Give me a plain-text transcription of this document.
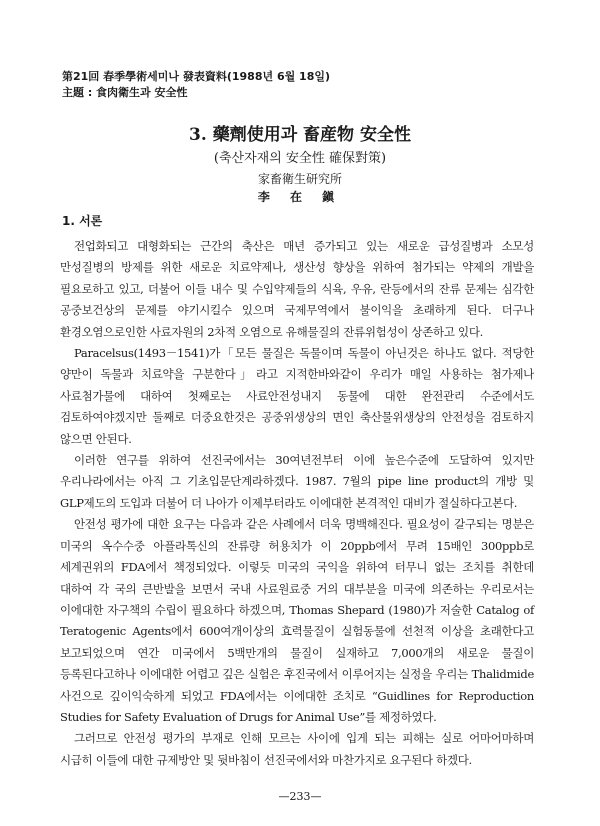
第21回 春季學術세미나 發表資料(1988년 6월 18일)
主題 : 食肉衛生과 安全性
3. 藥劑使用과 畜産物 安全性
(축산자재의 安全性 確保對策)
家畜衛生研究所
李 在 鎭
1. 서론

전업화되고 대형화되는 근간의 축산은 매년 증가되고 있는 새로운 급성질병과 소모성 만성질병의 방제를 위한 새로운 치료약제나, 생산성 향상을 위하여 첨가되는 약제의 개발을 필요로하고 있고, 더불어 이들 내수 및 수입약제들의 식육, 우유, 란등에서의 잔류 문제는 심각한 공중보건상의 문제를 야기시킬수 있으며 국제무역에서 불이익을 초래하게 된다. 더구나 환경오염으로인한 사료자원의 2차적 오염으로 유해물질의 잔류위험성이 상존하고 있다.

Paracelsus(1493－1541)가「모든 물질은 독물이며 독물이 아닌것은 하나도 없다. 적당한 양만이 독물과 치료약을 구분한다」라고 지적한바와같이 우리가 매일 사용하는 첨가제나 사료첨가물에 대하여 첫째로는 사료안전성내지 동물에 대한 완전관리 수준에서도 검토하여야겠지만 둘째로 더중요한것은 공중위생상의 면인 축산물위생상의 안전성을 검토하지 않으면 안된다.

이러한 연구를 위하여 선진국에서는 30여년전부터 이에 높은수준에 도달하여 있지만 우리나라에서는 아직 그 기초입문단계라하겠다. 1987. 7월의 pipe line product의 개방 및 GLP제도의 도입과 더불어 더 나아가 이제부터라도 이에대한 본격적인 대비가 절실하다고본다.

안전성 평가에 대한 요구는 다음과 같은 사례에서 더욱 명백해진다. 필요성이 갈구되는 명분은 미국의 옥수수중 아플라톡신의 잔류량 허용치가 이 20ppb에서 무려 15배인 300ppb로 세계권위의 FDA에서 책정되었다. 이렇듯 미국의 국익을 위하여 터무니 없는 조치를 취한데 대하여 각 국의 큰반발을 보면서 국내 사료원료중 거의 대부분을 미국에 의존하는 우리로서는 이에대한 자구책의 수립이 필요하다 하겠으며, Thomas Shepard (1980)가 저술한 Catalog of Teratogenic Agents에서 600여개이상의 효력물질이 실험동물에 선천적 이상을 초래한다고 보고되었으며 연간 미국에서 5백만개의 물질이 실재하고 7,000개의 새로운 물질이 등록된다고하나 이에대한 어렵고 깊은 실험은 후진국에서 이루어지는 실정을 우리는 Thalidmide 사건으로 깊이익숙하게 되었고 FDA에서는 이에대한 조치로 “Guidlines for Reproduction Studies for Safety Evaluation of Drugs for Animal Use”를 제정하였다.

그러므로 안전성 평가의 부재로 인해 모르는 사이에 입게 되는 피해는 실로 어마어마하며 시급히 이들에 대한 규제방안 및 뒷바침이 선진국에서와 마찬가지로 요구된다 하겠다.

—233—
